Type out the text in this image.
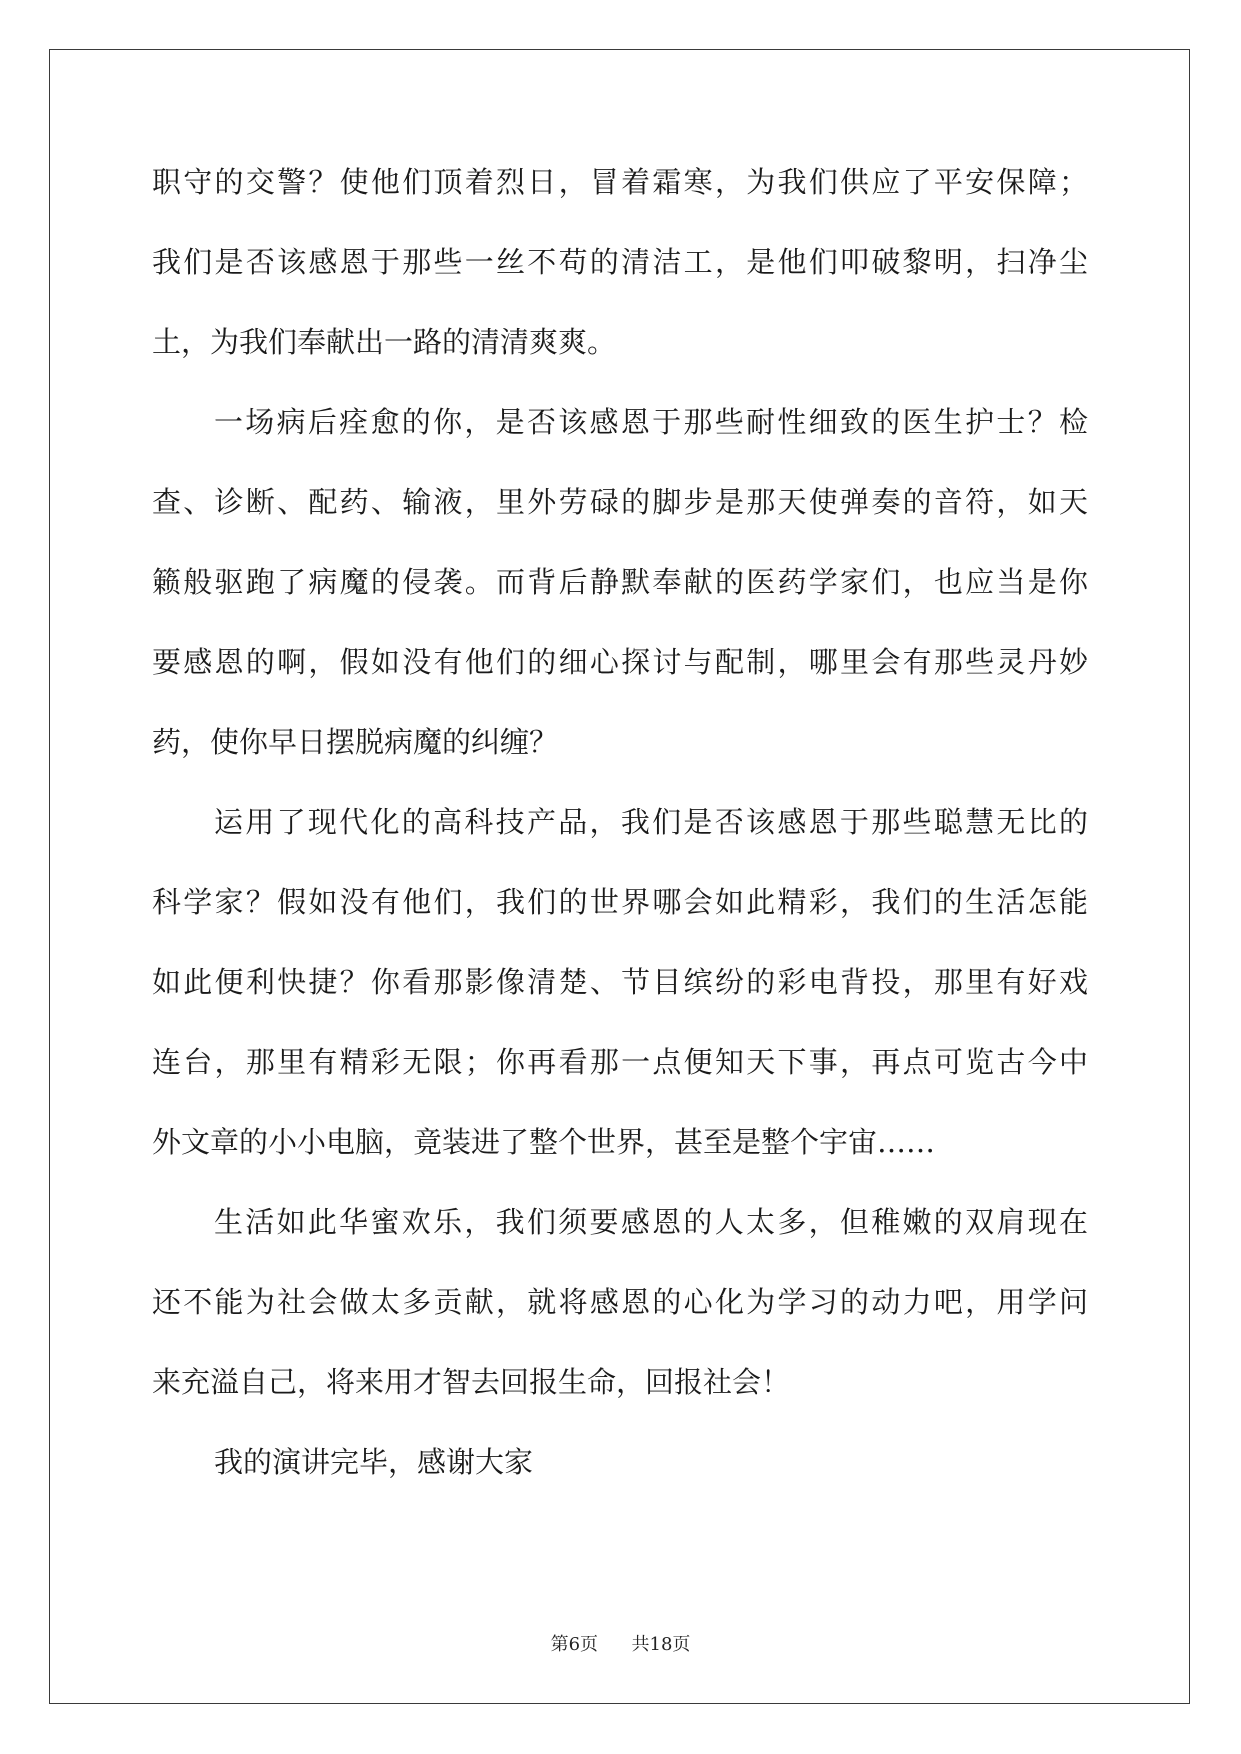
职守的交警？使他们顶着烈日，冒着霜寒，为我们供应了平安保障；
我们是否该感恩于那些一丝不苟的清洁工，是他们叩破黎明，扫净尘
土，为我们奉献出一路的清清爽爽。
一场病后痊愈的你，是否该感恩于那些耐性细致的医生护士？检
查、诊断、配药、输液，里外劳碌的脚步是那天使弹奏的音符，如天
籁般驱跑了病魔的侵袭。而背后静默奉献的医药学家们，也应当是你
要感恩的啊，假如没有他们的细心探讨与配制，哪里会有那些灵丹妙
药，使你早日摆脱病魔的纠缠？
运用了现代化的高科技产品，我们是否该感恩于那些聪慧无比的
科学家？假如没有他们，我们的世界哪会如此精彩，我们的生活怎能
如此便利快捷？你看那影像清楚、节目缤纷的彩电背投，那里有好戏
连台，那里有精彩无限；你再看那一点便知天下事，再点可览古今中
外文章的小小电脑，竟装进了整个世界，甚至是整个宇宙……
生活如此华蜜欢乐，我们须要感恩的人太多，但稚嫩的双肩现在
还不能为社会做太多贡献，就将感恩的心化为学习的动力吧，用学问
来充溢自己，将来用才智去回报生命，回报社会！
我的演讲完毕，感谢大家
第6页 共18页
